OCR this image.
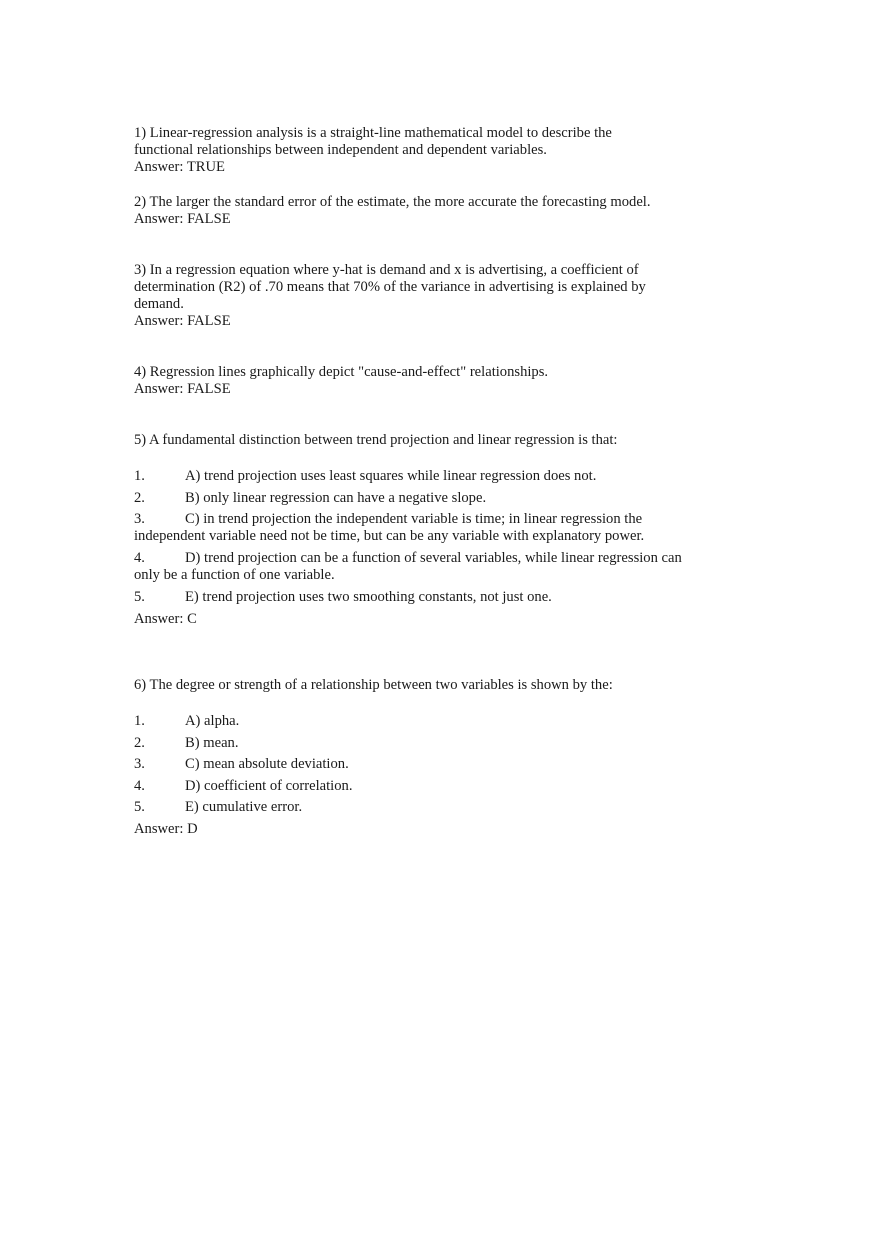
1) Linear-regression analysis is a straight-line mathematical model to describe the
functional relationships between independent and dependent variables.
Answer: TRUE
2) The larger the standard error of the estimate, the more accurate the forecasting model.
Answer: FALSE
3) In a regression equation where y-hat is demand and x is advertising, a coefficient of
determination (R2) of .70 means that 70% of the variance in advertising is explained by
demand.
Answer: FALSE
4) Regression lines graphically depict "cause-and-effect" relationships.
Answer: FALSE
5) A fundamental distinction between trend projection and linear regression is that:
1.	A) trend projection uses least squares while linear regression does not.
2.	B) only linear regression can have a negative slope.
3.	C) in trend projection the independent variable is time; in linear regression the
independent variable need not be time, but can be any variable with explanatory power.
4.	D) trend projection can be a function of several variables, while linear regression can
only be a function of one variable.
5.	E) trend projection uses two smoothing constants, not just one.
Answer: C
6) The degree or strength of a relationship between two variables is shown by the:
1.	A) alpha.
2.	B) mean.
3.	C) mean absolute deviation.
4.	D) coefficient of correlation.
5.	E) cumulative error.
Answer: D
